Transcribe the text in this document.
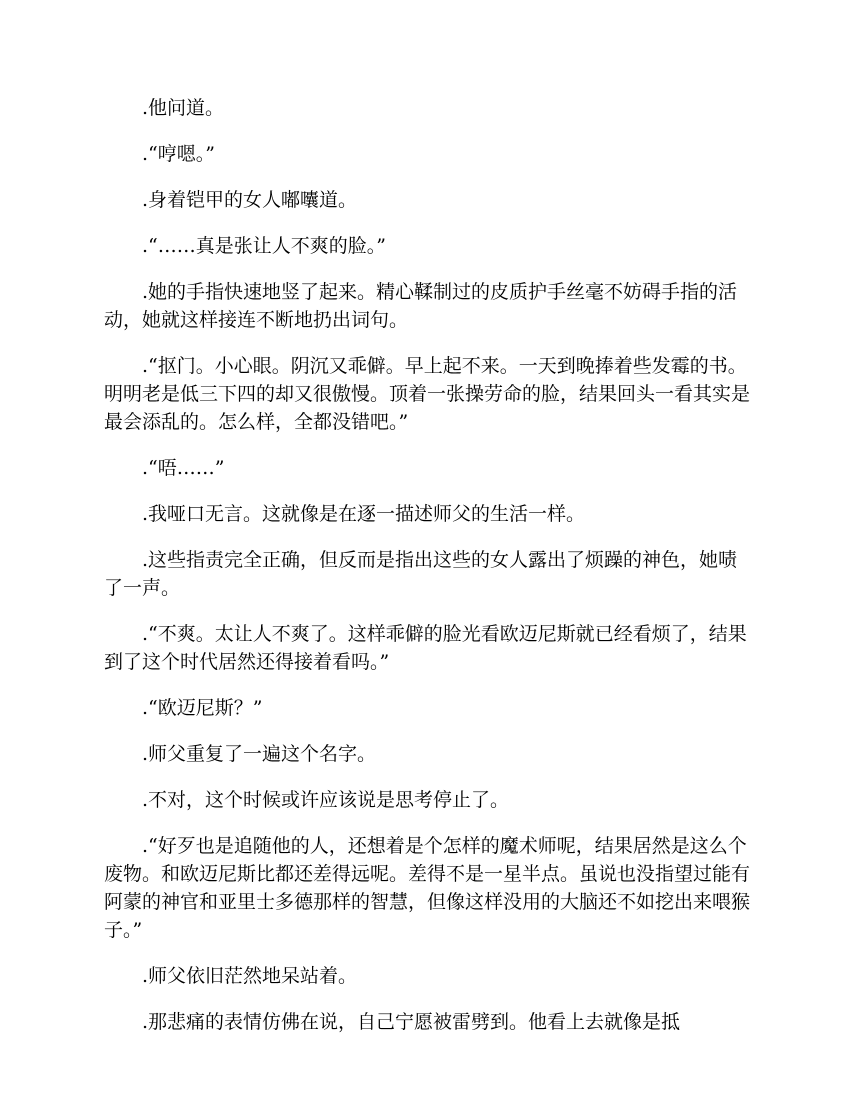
.他问道。

.“哼嗯。”

.身着铠甲的女人嘟囔道。

.“……真是张让人不爽的脸。”

.她的手指快速地竖了起来。精心鞣制过的皮质护手丝毫不妨碍手指的活动，她就这样接连不断地扔出词句。

.“抠门。小心眼。阴沉又乖僻。早上起不来。一天到晚捧着些发霉的书。明明老是低三下四的却又很傲慢。顶着一张操劳命的脸，结果回头一看其实是最会添乱的。怎么样，全都没错吧。”

.“唔……”

.我哑口无言。这就像是在逐一描述师父的生活一样。

.这些指责完全正确，但反而是指出这些的女人露出了烦躁的神色，她啧了一声。

.“不爽。太让人不爽了。这样乖僻的脸光看欧迈尼斯就已经看烦了，结果到了这个时代居然还得接着看吗。”

.“欧迈尼斯？”

.师父重复了一遍这个名字。

.不对，这个时候或许应该说是思考停止了。

.“好歹也是追随他的人，还想着是个怎样的魔术师呢，结果居然是这么个废物。和欧迈尼斯比都还差得远呢。差得不是一星半点。虽说也没指望过能有阿蒙的神官和亚里士多德那样的智慧，但像这样没用的大脑还不如挖出来喂猴子。”

.师父依旧茫然地呆站着。

.那悲痛的表情仿佛在说，自己宁愿被雷劈到。他看上去就像是抵
